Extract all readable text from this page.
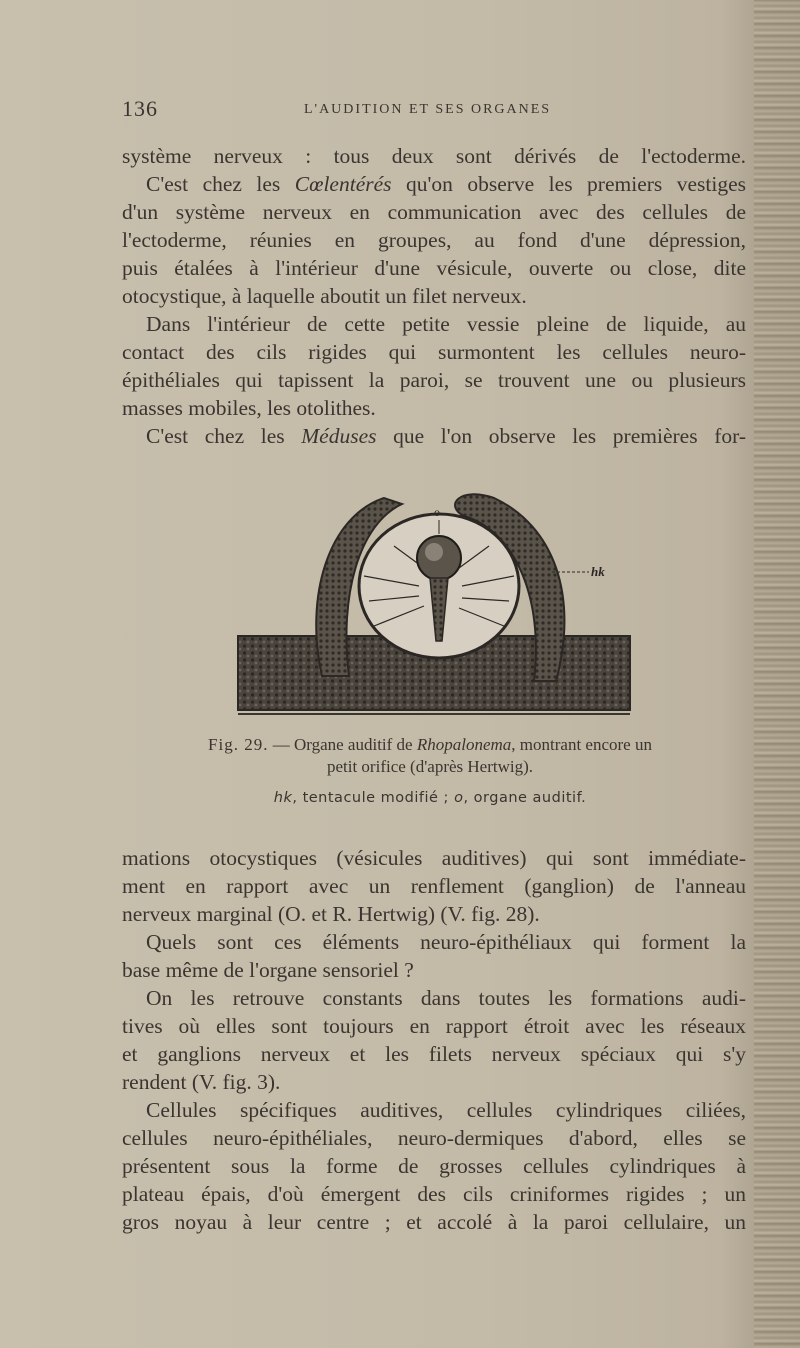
136	L'AUDITION ET SES ORGANES
système nerveux : tous deux sont dérivés de l'ectoderme.
C'est chez les Cœlentérés qu'on observe les premiers vestiges
d'un système nerveux en communication avec des cellules de
l'ectoderme, réunies en groupes, au fond d'une dépression,
puis étalées à l'intérieur d'une vésicule, ouverte ou close, dite
otocystique, à laquelle aboutit un filet nerveux.
Dans l'intérieur de cette petite vessie pleine de liquide, au
contact des cils rigides qui surmontent les cellules neuro-
épithéliales qui tapissent la paroi, se trouvent une ou plusieurs
masses mobiles, les otolithes.
C'est chez les Méduses que l'on observe les premières for-
o
hk
Fig. 29. — Organe auditif de Rhopalonema, montrant encore un
petit orifice (d'après Hertwig).
hk, tentacule modifié ; o, organe auditif.
mations otocystiques (vésicules auditives) qui sont immédiate-
ment en rapport avec un renflement (ganglion) de l'anneau
nerveux marginal (O. et R. Hertwig) (V. fig. 28).
Quels sont ces éléments neuro-épithéliaux qui forment la
base même de l'organe sensoriel ?
On les retrouve constants dans toutes les formations audi-
tives où elles sont toujours en rapport étroit avec les réseaux
et ganglions nerveux et les filets nerveux spéciaux qui s'y
rendent (V. fig. 3).
Cellules spécifiques auditives, cellules cylindriques ciliées,
cellules neuro-épithéliales, neuro-dermiques d'abord, elles se
présentent sous la forme de grosses cellules cylindriques à
plateau épais, d'où émergent des cils criniformes rigides ; un
gros noyau à leur centre ; et accolé à la paroi cellulaire, un
